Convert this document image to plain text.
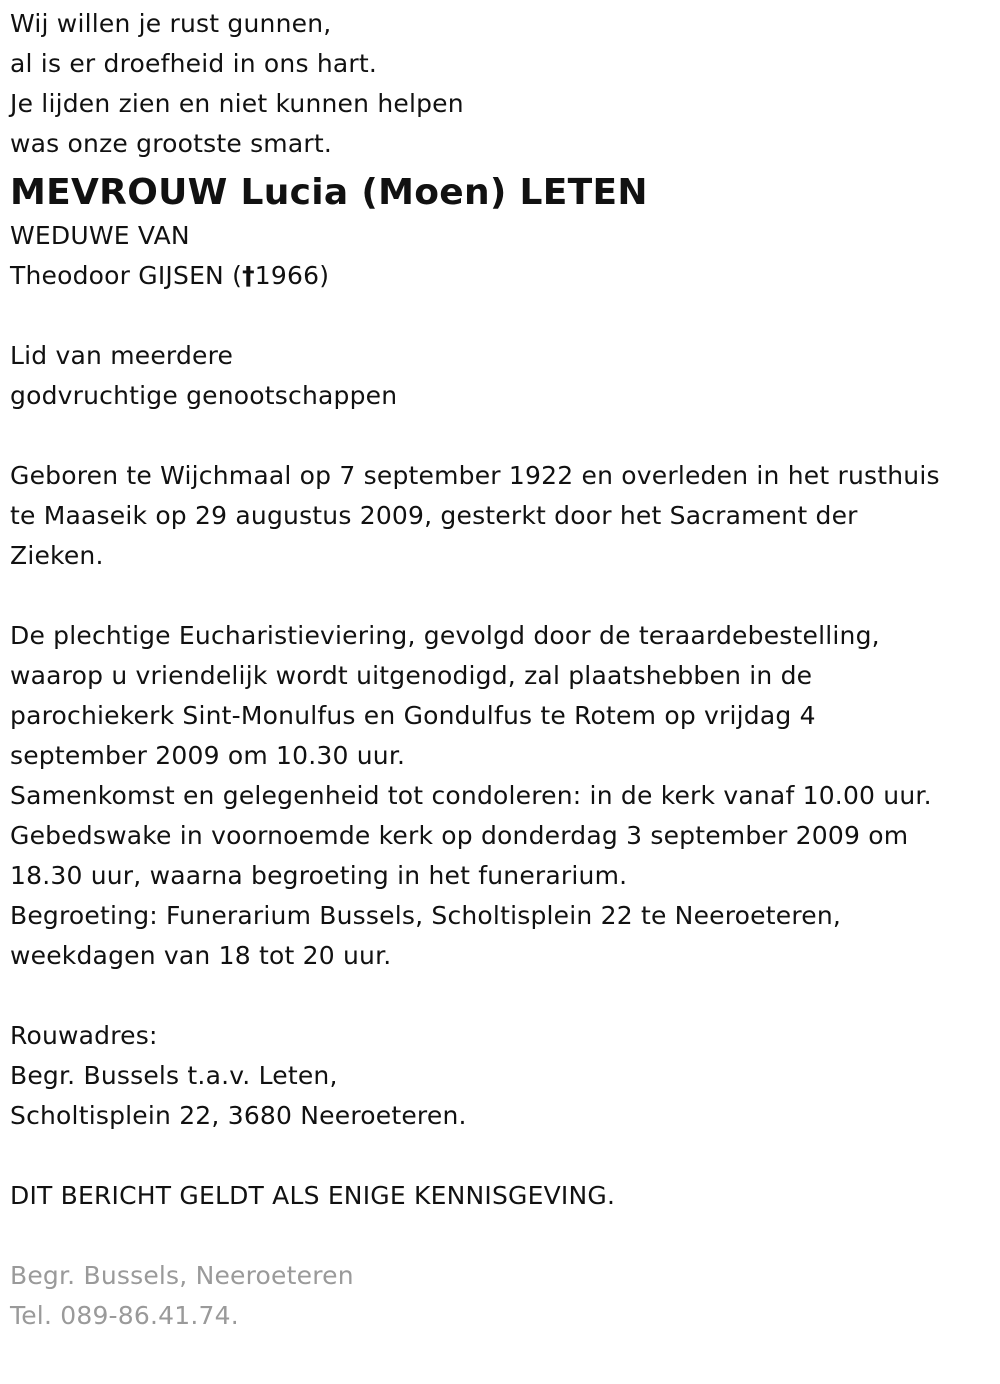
Wij willen je rust gunnen,
al is er droefheid in ons hart.
Je lijden zien en niet kunnen helpen
was onze grootste smart.
MEVROUW Lucia (Moen) LETEN
WEDUWE VAN
Theodoor GIJSEN (†1966)
Lid van meerdere
godvruchtige genootschappen
Geboren te Wijchmaal op 7 september 1922 en overleden in het rusthuis
te Maaseik op 29 augustus 2009, gesterkt door het Sacrament der
Zieken.
De plechtige Eucharistieviering, gevolgd door de teraardebestelling,
waarop u vriendelijk wordt uitgenodigd, zal plaatshebben in de
parochiekerk Sint-Monulfus en Gondulfus te Rotem op vrijdag 4
september 2009 om 10.30 uur.
Samenkomst en gelegenheid tot condoleren: in de kerk vanaf 10.00 uur.
Gebedswake in voornoemde kerk op donderdag 3 september 2009 om
18.30 uur, waarna begroeting in het funerarium.
Begroeting: Funerarium Bussels, Scholtisplein 22 te Neeroeteren,
weekdagen van 18 tot 20 uur.
Rouwadres:
Begr. Bussels t.a.v. Leten,
Scholtisplein 22, 3680 Neeroeteren.
DIT BERICHT GELDT ALS ENIGE KENNISGEVING.
Begr. Bussels, Neeroeteren
Tel. 089-86.41.74.
